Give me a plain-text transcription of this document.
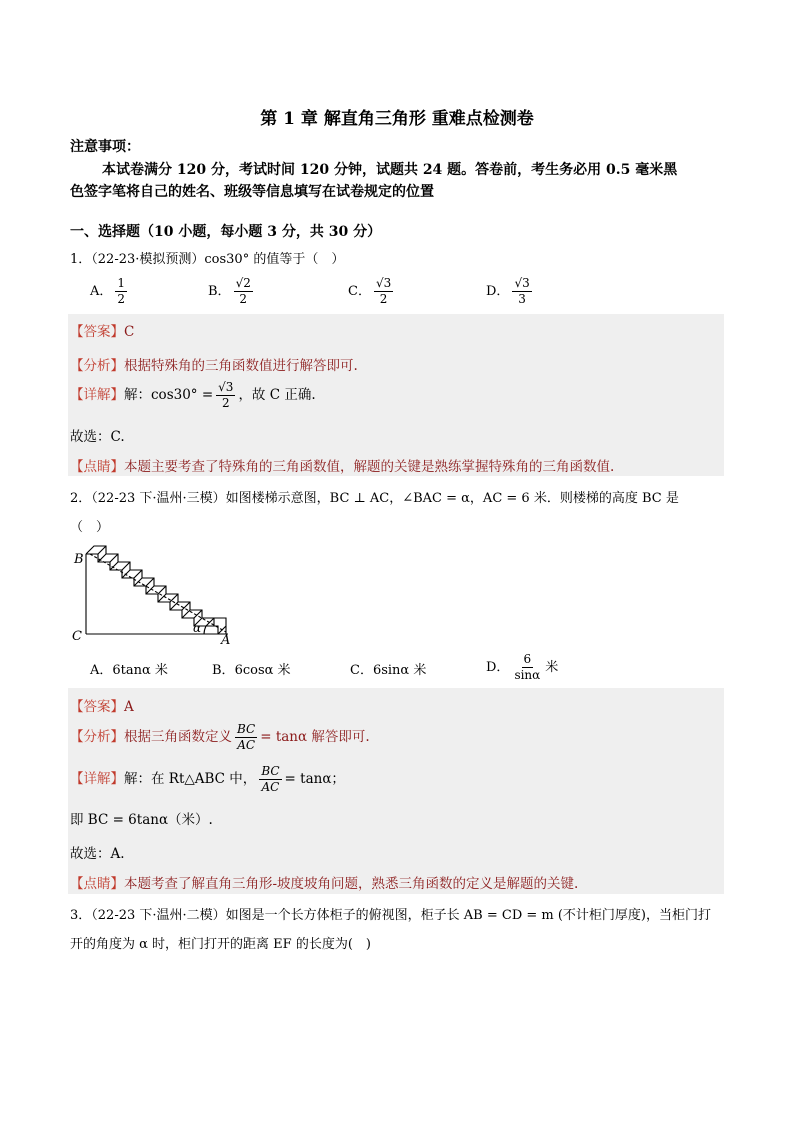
第 1 章 解直角三角形 重难点检测卷
注意事项：
本试卷满分 120 分，考试时间 120 分钟，试题共 24 题。答卷前，考生务必用 0.5 毫米黑
色签字笔将自己的姓名、班级等信息填写在试卷规定的位置
一、选择题（10 小题，每小题 3 分，共 30 分）
1．（22-23·模拟预测）cos30° 的值等于（　）
A． $\frac{1}{2}$	B． $\frac{√2}{2}$	C． $\frac{√3}{2}$	D． $\frac{√3}{3}$
【答案】C
【分析】根据特殊角的三角函数值进行解答即可.
【详解】解：$\cos 30^\circ = \frac{√3}{2}$ ，故 C 正确.
故选：C.
【点睛】本题主要考查了特殊角的三角函数值，解题的关键是熟练掌握特殊角的三角函数值.
2．（22-23 下·温州·三模）如图楼梯示意图，BC ⊥ AC，∠BAC = α，AC = 6 米．则楼梯的高度 BC 是
（　）
B
C	A
α
A．6tanα 米	B．6cosα 米	C．6sinα 米	D． $\frac{6}{\sin\alpha}$ 米
【答案】A
【分析】根据三角函数定义 $\frac{BC}{AC} = \tan\alpha$ 解答即可.
【详解】解：在 Rt△ABC 中， $\frac{BC}{AC} = \tan\alpha$；
即 BC = 6tanα（米）.
故选：A.
【点睛】本题考查了解直角三角形-坡度坡角问题，熟悉三角函数的定义是解题的关键.
3．（22-23 下·温州·二模）如图是一个长方体柜子的俯视图，柜子长 AB = CD = m (不计柜门厚度)，当柜门打
开的角度为 α 时，柜门打开的距离 EF 的长度为(　)
